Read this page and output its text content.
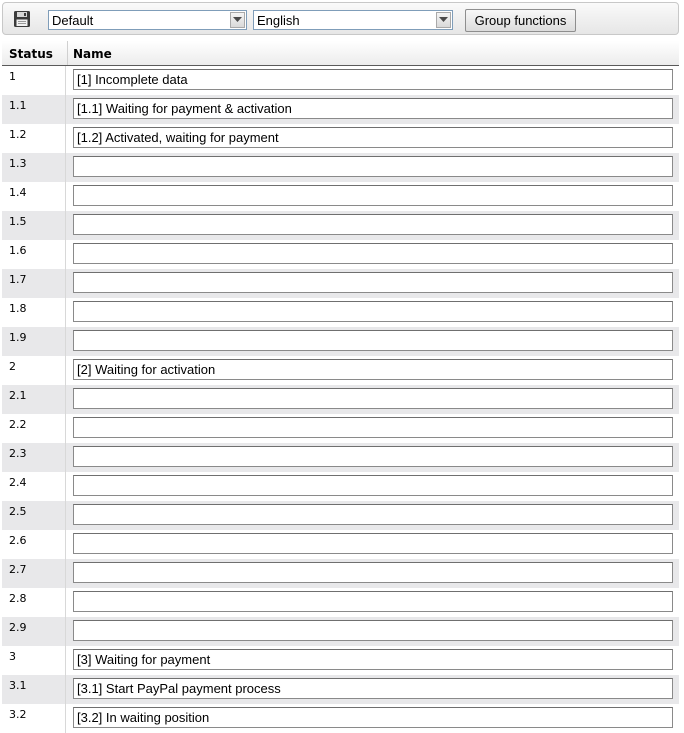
Default	English	Group functions
Status Name
1
[1] Incomplete data
1.1
[1.1] Waiting for payment & activation
1.2
[1.2] Activated, waiting for payment
1.3
1.4
1.5
1.6
1.7
1.8
1.9
2
[2] Waiting for activation
2.1
2.2
2.3
2.4
2.5
2.6
2.7
2.8
2.9
3
[3] Waiting for payment
3.1
[3.1] Start PayPal payment process
3.2
[3.2] In waiting position
